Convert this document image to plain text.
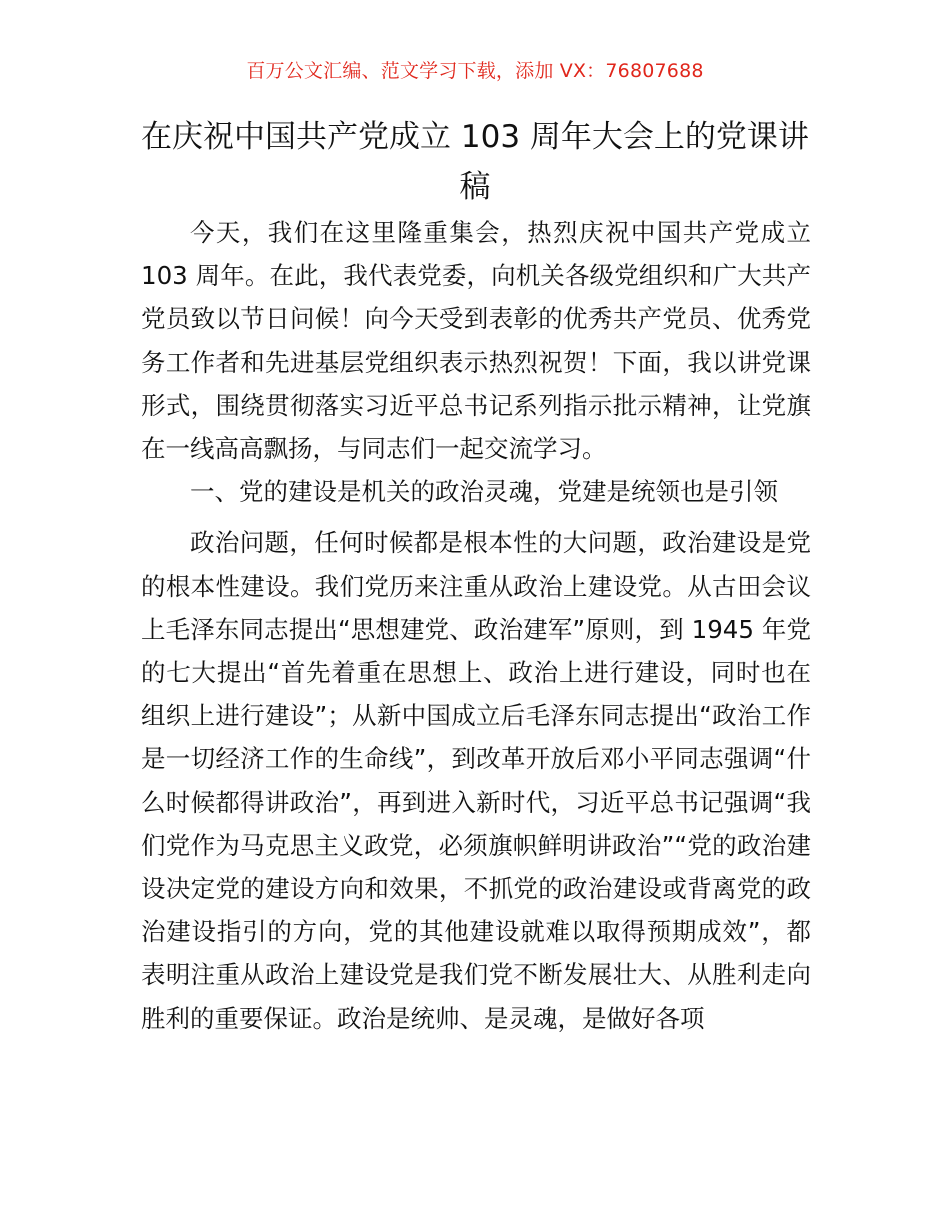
百万公文汇编、范文学习下载，添加 VX：76807688
在庆祝中国共产党成立 103 周年大会上的党课讲稿

今天，我们在这里隆重集会，热烈庆祝中国共产党成立 103 周年。在此，我代表党委，向机关各级党组织和广大共产党员致以节日问候！向今天受到表彰的优秀共产党员、优秀党务工作者和先进基层党组织表示热烈祝贺！下面，我以讲党课形式，围绕贯彻落实习近平总书记系列指示批示精神，让党旗在一线高高飘扬，与同志们一起交流学习。

一、党的建设是机关的政治灵魂，党建是统领也是引领

政治问题，任何时候都是根本性的大问题，政治建设是党的根本性建设。我们党历来注重从政治上建设党。从古田会议上毛泽东同志提出“思想建党、政治建军”原则，到 1945 年党的七大提出“首先着重在思想上、政治上进行建设，同时也在组织上进行建设”；从新中国成立后毛泽东同志提出“政治工作是一切经济工作的生命线”，到改革开放后邓小平同志强调“什么时候都得讲政治”，再到进入新时代，习近平总书记强调“我们党作为马克思主义政党，必须旗帜鲜明讲政治”“党的政治建设决定党的建设方向和效果，不抓党的政治建设或背离党的政治建设指引的方向，党的其他建设就难以取得预期成效”，都表明注重从政治上建设党是我们党不断发展壮大、从胜利走向胜利的重要保证。政治是统帅、是灵魂，是做好各项
